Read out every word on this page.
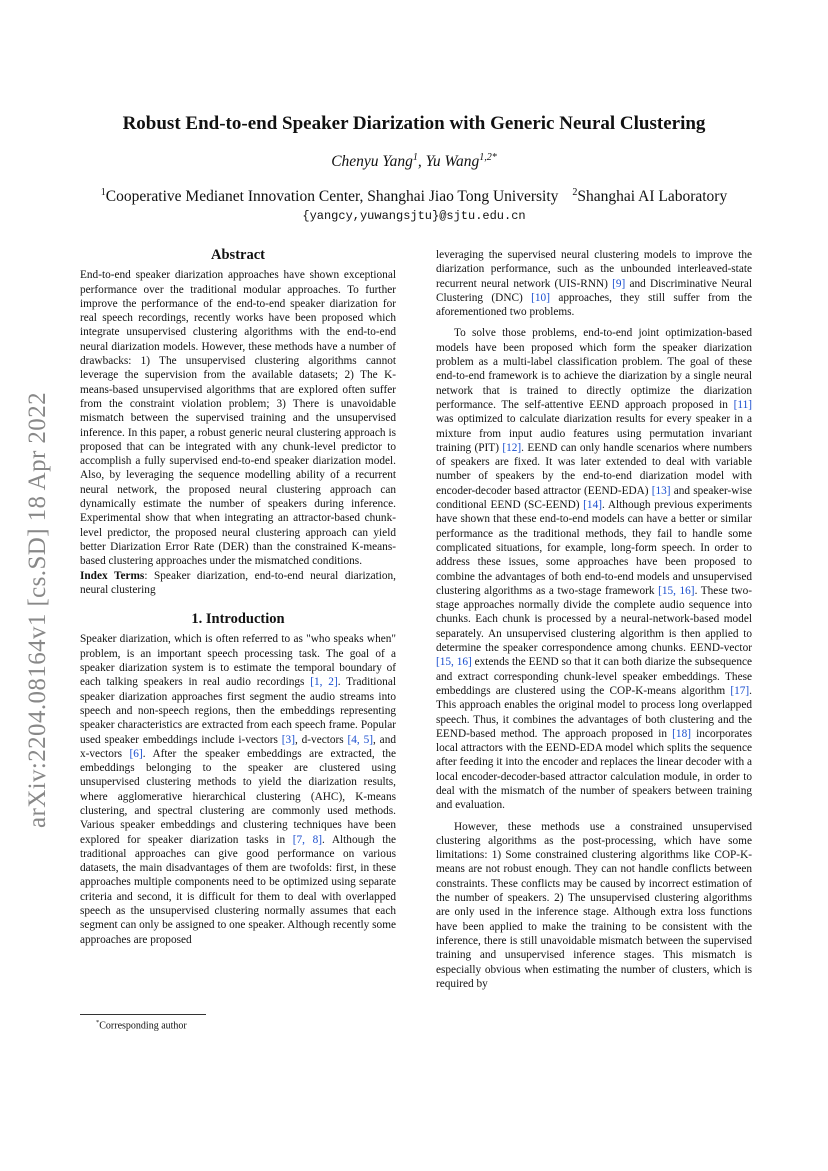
arXiv:2204.08164v1 [cs.SD] 18 Apr 2022
Robust End-to-end Speaker Diarization with Generic Neural Clustering
Chenyu Yang$^1$, Yu Wang$^{1,2*}$
$^1$Cooperative Medianet Innovation Center, Shanghai Jiao Tong University $^2$Shanghai AI Laboratory
{yangcy,yuwangsjtu}@sjtu.edu.cn
Abstract

End-to-end speaker diarization approaches have shown exceptional performance over the traditional modular approaches. To further improve the performance of the end-to-end speaker diarization for real speech recordings, recently works have been proposed which integrate unsupervised clustering algorithms with the end-to-end neural diarization models. However, these methods have a number of drawbacks: 1) The unsupervised clustering algorithms cannot leverage the supervision from the available datasets; 2) The K-means-based unsupervised algorithms that are explored often suffer from the constraint violation problem; 3) There is unavoidable mismatch between the supervised training and the unsupervised inference. In this paper, a robust generic neural clustering approach is proposed that can be integrated with any chunk-level predictor to accomplish a fully supervised end-to-end speaker diarization model. Also, by leveraging the sequence modelling ability of a recurrent neural network, the proposed neural clustering approach can dynamically estimate the number of speakers during inference. Experimental show that when integrating an attractor-based chunk-level predictor, the proposed neural clustering approach can yield better Diarization Error Rate (DER) than the constrained K-means-based clustering approaches under the mismatched conditions.

Index Terms: Speaker diarization, end-to-end neural diarization, neural clustering

1. Introduction

Speaker diarization, which is often referred to as "who speaks when" problem, is an important speech processing task. The goal of a speaker diarization system is to estimate the temporal boundary of each talking speakers in real audio recordings [1, 2]. Traditional speaker diarization approaches first segment the audio streams into speech and non-speech regions, then the embeddings representing speaker characteristics are extracted from each speech frame. Popular used speaker embeddings include i-vectors [3], d-vectors [4, 5], and x-vectors [6]. After the speaker embeddings are extracted, the embeddings belonging to the speaker are clustered using unsupervised clustering methods to yield the diarization results, where agglomerative hierarchical clustering (AHC), K-means clustering, and spectral clustering are commonly used methods. Various speaker embeddings and clustering techniques have been explored for speaker diarization tasks in [7, 8]. Although the traditional approaches can give good performance on various datasets, the main disadvantages of them are twofolds: first, in these approaches multiple components need to be optimized using separate criteria and second, it is difficult for them to deal with overlapped speech as the unsupervised clustering normally assumes that each segment can only be assigned to one speaker. Although recently some approaches are proposed

leveraging the supervised neural clustering models to improve the diarization performance, such as the unbounded interleaved-state recurrent neural network (UIS-RNN) [9] and Discriminative Neural Clustering (DNC) [10] approaches, they still suffer from the aforementioned two problems.

To solve those problems, end-to-end joint optimization-based models have been proposed which form the speaker diarization problem as a multi-label classification problem. The goal of these end-to-end framework is to achieve the diarization by a single neural network that is trained to directly optimize the diarization performance. The self-attentive EEND approach proposed in [11] was optimized to calculate diarization results for every speaker in a mixture from input audio features using permutation invariant training (PIT) [12]. EEND can only handle scenarios where numbers of speakers are fixed. It was later extended to deal with variable number of speakers by the end-to-end diarization model with encoder-decoder based attractor (EEND-EDA) [13] and speaker-wise conditional EEND (SC-EEND) [14]. Although previous experiments have shown that these end-to-end models can have a better or similar performance as the traditional methods, they fail to handle some complicated situations, for example, long-form speech. In order to address these issues, some approaches have been proposed to combine the advantages of both end-to-end models and unsupervised clustering algorithms as a two-stage framework [15, 16]. These two-stage approaches normally divide the complete audio sequence into chunks. Each chunk is processed by a neural-network-based model separately. An unsupervised clustering algorithm is then applied to determine the speaker correspondence among chunks. EEND-vector [15, 16] extends the EEND so that it can both diarize the subsequence and extract corresponding chunk-level speaker embeddings. These embeddings are clustered using the COP-K-means algorithm [17]. This approach enables the original model to process long overlapped speech. Thus, it combines the advantages of both clustering and the EEND-based method. The approach proposed in [18] incorporates local attractors with the EEND-EDA model which splits the sequence after feeding it into the encoder and replaces the linear decoder with a local encoder-decoder-based attractor calculation module, in order to deal with the mismatch of the number of speakers between training and evaluation.

However, these methods use a constrained unsupervised clustering algorithms as the post-processing, which have some limitations: 1) Some constrained clustering algorithms like COP-K-means are not robust enough. They can not handle conflicts between constraints. These conflicts may be caused by incorrect estimation of the number of speakers. 2) The unsupervised clustering algorithms are only used in the inference stage. Although extra loss functions have been applied to make the training to be consistent with the inference, there is still unavoidable mismatch between the supervised training and unsupervised inference stages. This mismatch is especially obvious when estimating the number of clusters, which is required by

*Corresponding author
